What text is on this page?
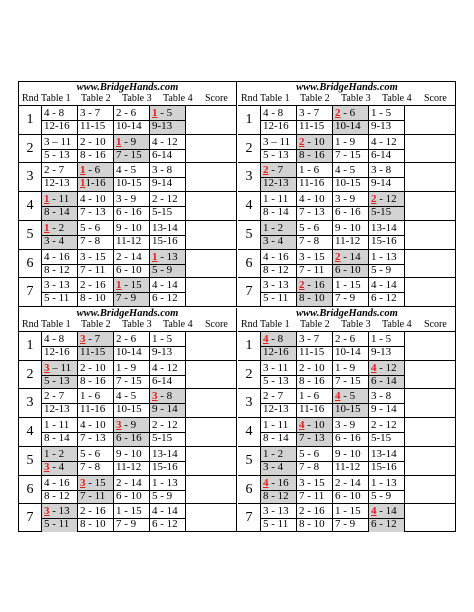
www.BridgeHands.com
Rnd Table 1 Table 2 Table 3 Table 4 Score
1 4 - 8
12-16
3 - 7
11-15
2 - 6
10-14
1 - 5
9-13
2 3 – 11
5 - 13
2 - 10
8 - 16
1 - 9
7 - 15
4 - 12
6-14
3 2 - 7
12-13
1 - 6
11-16
4 - 5
10-15
3 - 8
9-14
4 1 - 11
8 - 14
4 - 10
7 - 13
3 - 9
6 - 16
2 - 12
5-15
5 1 - 2
3 - 4
5 - 6
7 - 8
9 - 10
11-12
13-14
15-16
6 4 - 16
8 - 12
3 - 15
7 - 11
2 - 14
6 - 10
1 - 13
5 - 9
7 3 - 13
5 - 11
2 - 16
8 - 10
1 - 15
7 - 9
4 - 14
6 - 12
www.BridgeHands.com
Rnd Table 1 Table 2 Table 3 Table 4 Score
1 4 - 8
12-16
3 - 7
11-15
2 - 6
10-14
1 - 5
9-13
2 3 – 11
5 - 13
2 - 10
8 - 16
1 - 9
7 - 15
4 - 12
6-14
3 2 - 7
12-13
1 - 6
11-16
4 - 5
10-15
3 - 8
9-14
4 1 - 11
8 - 14
4 - 10
7 - 13
3 - 9
6 - 16
2 - 12
5-15
5 1 - 2
3 - 4
5 - 6
7 - 8
9 - 10
11-12
13-14
15-16
6 4 - 16
8 - 12
3 - 15
7 - 11
2 - 14
6 - 10
1 - 13
5 - 9
7 3 - 13
5 - 11
2 - 16
8 - 10
1 - 15
7 - 9
4 - 14
6 - 12
www.BridgeHands.com
Rnd Table 1 Table 2 Table 3 Table 4 Score
1 4 - 8
12-16
3 - 7
11-15
2 - 6
10-14
1 - 5
9-13
2 3 – 11
5 - 13
2 - 10
8 - 16
1 - 9
7 - 15
4 - 12
6-14
3 2 - 7
12-13
1 - 6
11-16
4 - 5
10-15
3 - 8
9 - 14
4 1 - 11
8 - 14
4 - 10
7 - 13
3 - 9
6 - 16
2 - 12
5-15
5 1 - 2
3 - 4
5 - 6
7 - 8
9 - 10
11-12
13-14
15-16
6 4 - 16
8 - 12
3 - 15
7 - 11
2 - 14
6 - 10
1 - 13
5 - 9
7 3 - 13
5 - 11
2 - 16
8 - 10
1 - 15
7 - 9
4 - 14
6 - 12
www.BridgeHands.com
Rnd Table 1 Table 2 Table 3 Table 4 Score
1 4 - 8
12-16
3 - 7
11-15
2 - 6
10-14
1 - 5
9-13
2 3 - 11
5 - 13
2 - 10
8 - 16
1 - 9
7 - 15
4 - 12
6 - 14
3 2 - 7
12-13
1 - 6
11-16
4 - 5
10-15
3 - 8
9 - 14
4 1 - 11
8 - 14
4 - 10
7 - 13
3 - 9
6 - 16
2 - 12
5-15
5 1 - 2
3 - 4
5 - 6
7 - 8
9 - 10
11-12
13-14
15-16
6 4 - 16
8 - 12
3 - 15
7 - 11
2 - 14
6 - 10
1 - 13
5 - 9
7 3 - 13
5 - 11
2 - 16
8 - 10
1 - 15
7 - 9
4 - 14
6 - 12
